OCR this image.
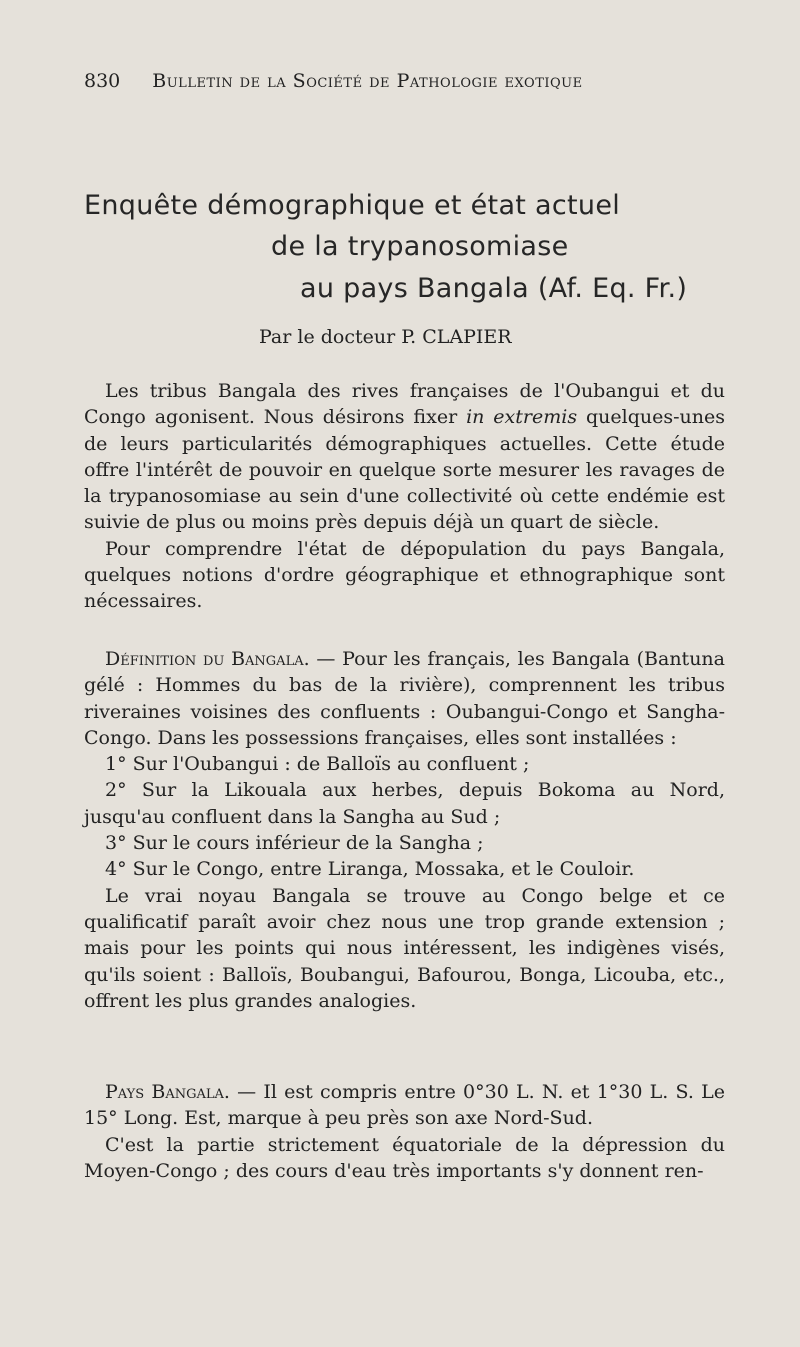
830 Bulletin de la Société de Pathologie exotique
Enquête démographique et état actuel
de la trypanosomiase
au pays Bangala (Af. Eq. Fr.)
Par le docteur P. CLAPIER

Les tribus Bangala des rives françaises de l'Oubangui et du Congo agonisent. Nous désirons fixer in extremis quelques-unes de leurs particularités démographiques actuelles. Cette étude offre l'intérêt de pouvoir en quelque sorte mesurer les ravages de la trypanosomiase au sein d'une collectivité où cette endémie est suivie de plus ou moins près depuis déjà un quart de siècle.

Pour comprendre l'état de dépopulation du pays Bangala, quelques notions d'ordre géographique et ethnographique sont nécessaires.

Définition du Bangala. — Pour les français, les Bangala (Bantuna gélé : Hommes du bas de la rivière), comprennent les tribus riveraines voisines des confluents : Oubangui-Congo et Sangha-Congo. Dans les possessions françaises, elles sont installées :

1° Sur l'Oubangui : de Balloïs au confluent ;

2° Sur la Likouala aux herbes, depuis Bokoma au Nord, jusqu'au confluent dans la Sangha au Sud ;

3° Sur le cours inférieur de la Sangha ;

4° Sur le Congo, entre Liranga, Mossaka, et le Couloir.

Le vrai noyau Bangala se trouve au Congo belge et ce qualificatif paraît avoir chez nous une trop grande extension ; mais pour les points qui nous intéressent, les indigènes visés, qu'ils soient : Balloïs, Boubangui, Bafourou, Bonga, Licouba, etc., offrent les plus grandes analogies.

Pays Bangala. — Il est compris entre 0°30 L. N. et 1°30 L. S. Le 15° Long. Est, marque à peu près son axe Nord-Sud.

C'est la partie strictement équatoriale de la dépression du Moyen-Congo ; des cours d'eau très importants s'y donnent ren-
